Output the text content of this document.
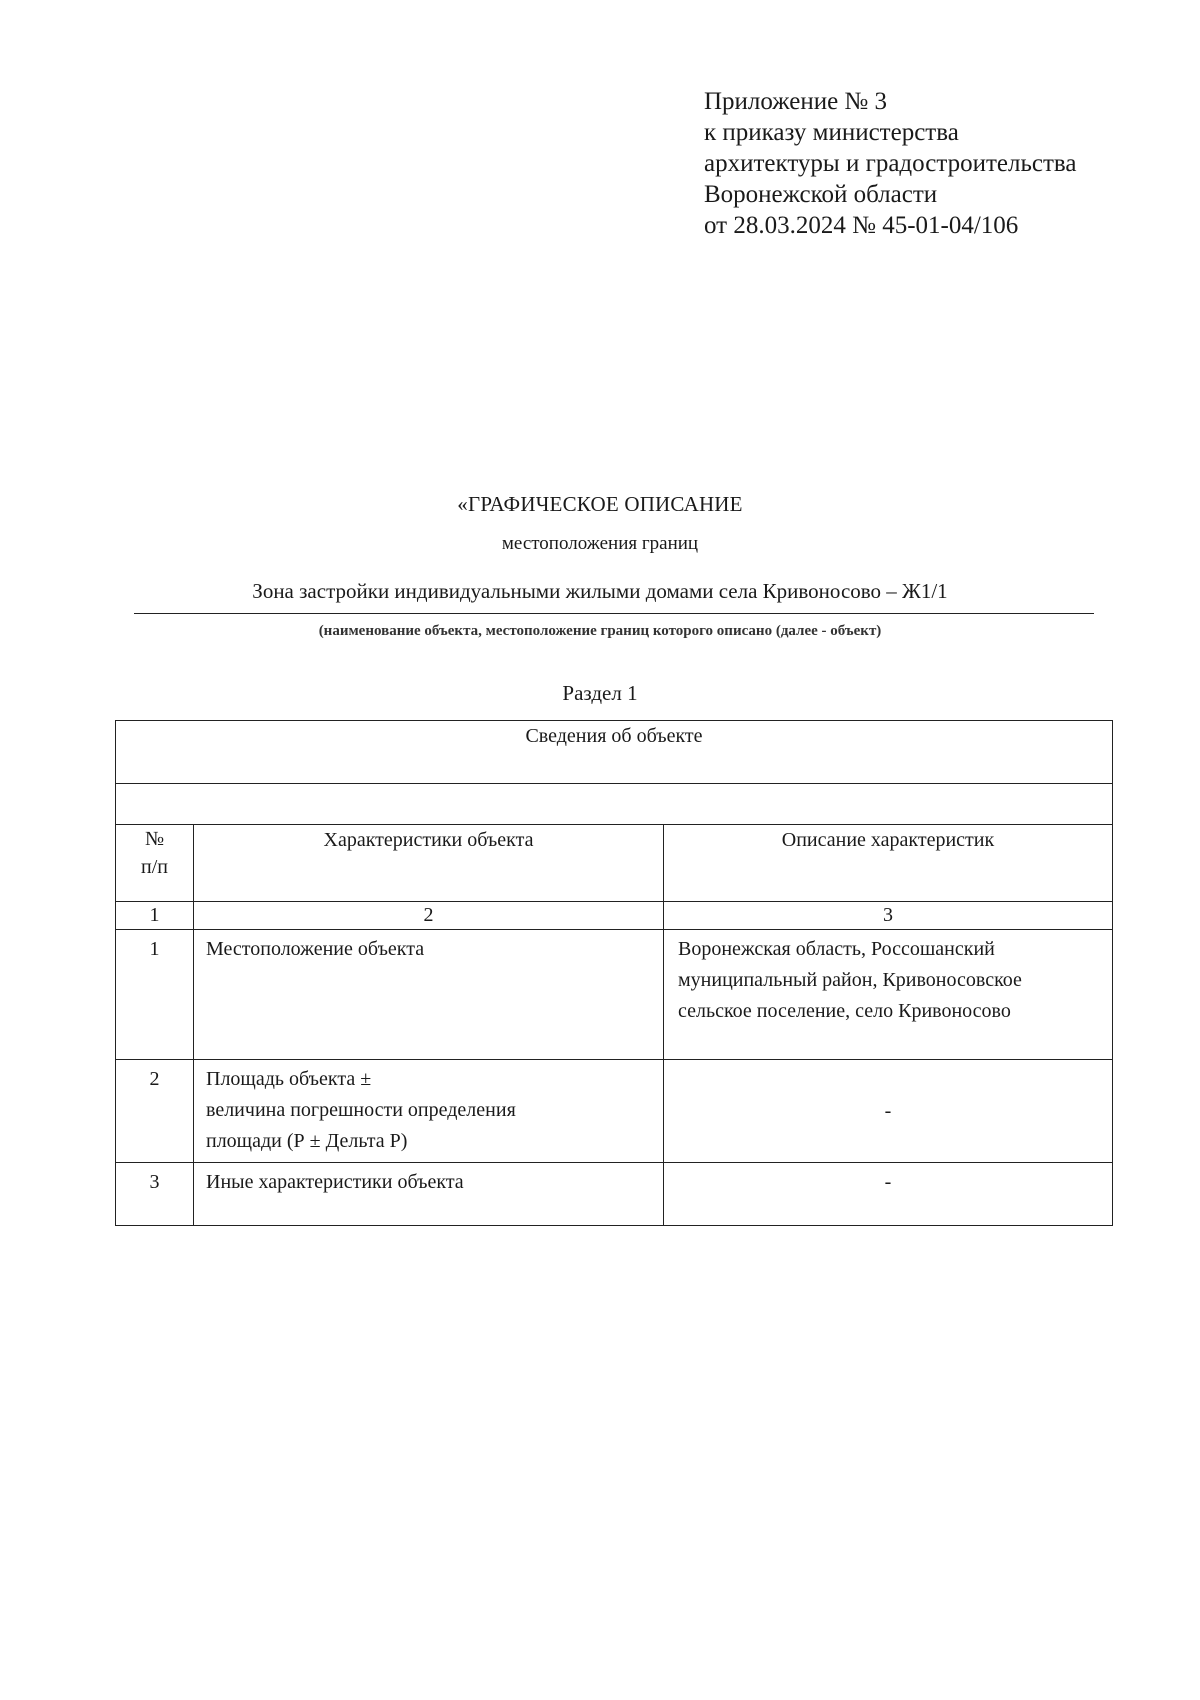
Приложение № 3
к приказу министерства
архитектуры и градостроительства
Воронежской области
от 28.03.2024 № 45-01-04/106
«ГРАФИЧЕСКОЕ ОПИСАНИЕ
местоположения границ
Зона застройки индивидуальными жилыми домами села Кривоносово – Ж1/1
(наименование объекта, местоположение границ которого описано (далее - объект)
Раздел 1
Сведения об объекте		

№
п/п	Характеристики объекта	Описание характеристик
1	2	3
1	Местоположение объекта	Воронежская область, Россошанский муниципальный район, Кривоносовское сельское поселение, село Кривоносово
2	Площадь объекта ±
величина погрешности определения
площади (Р ± Дельта Р)	-
3	Иные характеристики объекта	-
